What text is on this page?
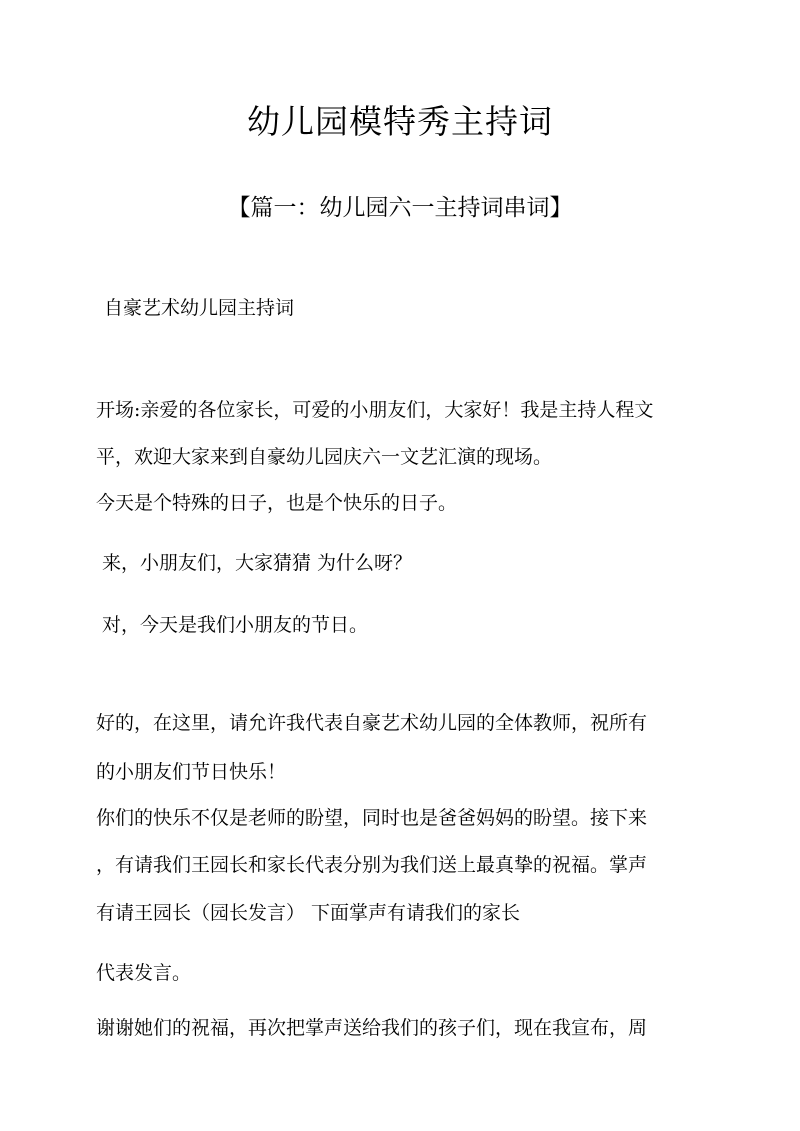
幼儿园模特秀主持词
【篇一：幼儿园六一主持词串词】

自豪艺术幼儿园主持词

开场:亲爱的各位家长，可爱的小朋友们，大家好！我是主持人程文

平，欢迎大家来到自豪幼儿园庆六一文艺汇演的现场。

今天是个特殊的日子，也是个快乐的日子。

来，小朋友们，大家猜猜 为什么呀？

对，今天是我们小朋友的节日。

好的，在这里，请允许我代表自豪艺术幼儿园的全体教师，祝所有

的小朋友们节日快乐！

你们的快乐不仅是老师的盼望，同时也是爸爸妈妈的盼望。接下来

，有请我们王园长和家长代表分别为我们送上最真挚的祝福。掌声

有请王园长（园长发言） 下面掌声有请我们的家长

代表发言。

谢谢她们的祝福，再次把掌声送给我们的孩子们，现在我宣布，周
